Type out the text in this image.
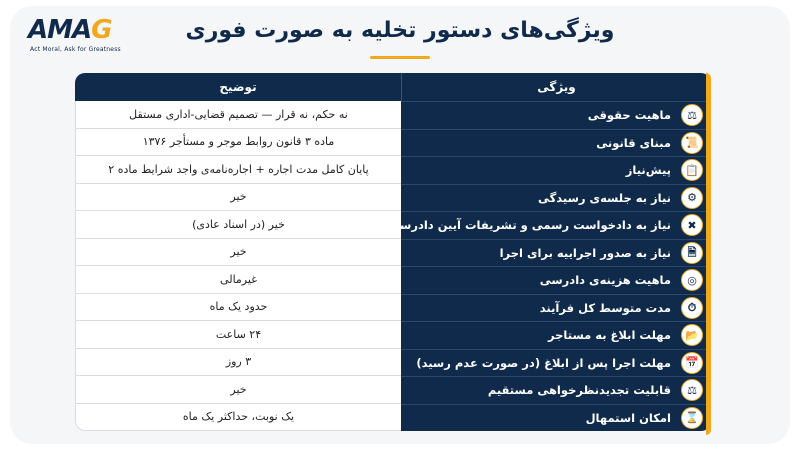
AMAG
Act Moral, Ask for Greatness
ویژگی‌های دستور تخلیه به صورت فوری
ویژگی	توضیح

⚖
ماهیت حقوقی	نه حکم، نه قرار — تصمیم قضایی-اداری مستقل

📜
مبنای قانونی	ماده ۳ قانون روابط موجر و مستأجر ۱۳۷۶

📋
پیش‌نیاز	پایان کامل مدت اجاره + اجاره‌نامه‌ی واجد شرایط ماده ۲

⚙
نیاز به جلسه‌ی رسیدگی	خیر

✖
نیاز به دادخواست رسمی و تشریفات آیین دادرسی مدنی	خیر (در اسناد عادی)

🗎
نیاز به صدور اجراییه برای اجرا	خیر

◎
ماهیت هزینه‌ی دادرسی	غیرمالی

⏱
مدت متوسط کل فرآیند	حدود یک ماه

📂
مهلت ابلاغ به مستاجر	۲۴ ساعت

📅
مهلت اجرا پس از ابلاغ (در صورت عدم رسید)	۳ روز

⚖
قابلیت تجدیدنظرخواهی مستقیم	خیر

⌛
امکان استمهال	یک نوبت، حداکثر یک ماه
